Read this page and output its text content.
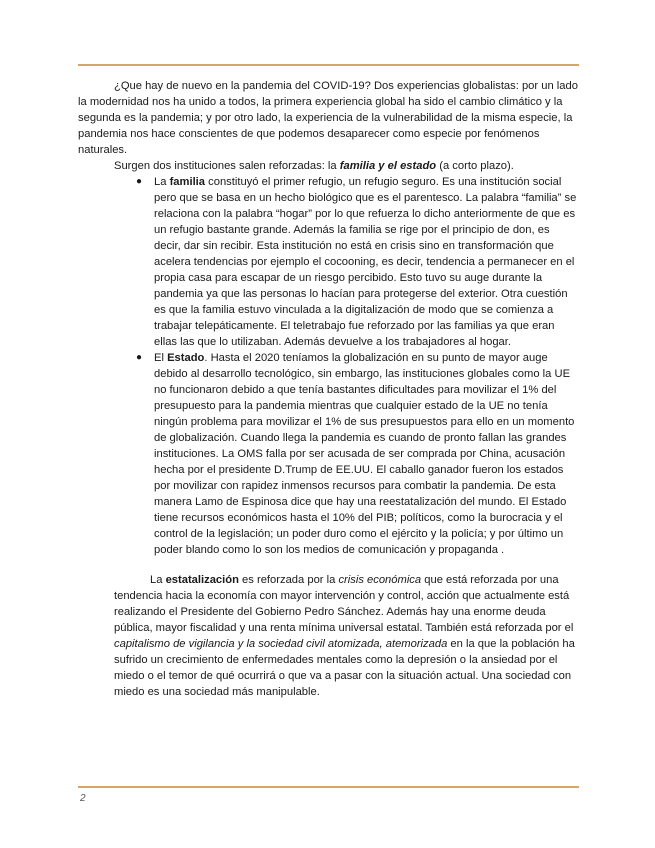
¿Que hay de nuevo en la pandemia del COVID-19? Dos experiencias globalistas: por un lado la modernidad nos ha unido a todos, la primera experiencia global ha sido el cambio climático y la segunda es la pandemia; y por otro lado, la experiencia de la vulnerabilidad de la misma especie, la pandemia nos hace conscientes de que podemos desaparecer como especie por fenómenos naturales.

Surgen dos instituciones salen reforzadas: la familia y el estado (a corto plazo).

● La familia constituyó el primer refugio, un refugio seguro. Es una institución social pero que se basa en un hecho biológico que es el parentesco. La palabra “familia” se relaciona con la palabra “hogar” por lo que refuerza lo dicho anteriormente de que es un refugio bastante grande. Además la familia se rige por el principio de don, es decir, dar sin recibir. Esta institución no está en crisis sino en transformación que acelera tendencias por ejemplo el cocooning, es decir, tendencia a permanecer en el propia casa para escapar de un riesgo percibido. Esto tuvo su auge durante la pandemia ya que las personas lo hacían para protegerse del exterior. Otra cuestión es que la familia estuvo vinculada a la digitalización de modo que se comienza a trabajar telepáticamente. El teletrabajo fue reforzado por las familias ya que eran ellas las que lo utilizaban. Además devuelve a los trabajadores al hogar.
● El Estado. Hasta el 2020 teníamos la globalización en su punto de mayor auge debido al desarrollo tecnológico, sin embargo, las instituciones globales como la UE no funcionaron debido a que tenía bastantes dificultades para movilizar el 1% del presupuesto para la pandemia mientras que cualquier estado de la UE no tenía ningún problema para movilizar el 1% de sus presupuestos para ello en un momento de globalización. Cuando llega la pandemia es cuando de pronto fallan las grandes instituciones. La OMS falla por ser acusada de ser comprada por China, acusación hecha por el presidente D.Trump de EE.UU. El caballo ganador fueron los estados por movilizar con rapidez inmensos recursos para combatir la pandemia. De esta manera Lamo de Espinosa dice que hay una reestatalización del mundo. El Estado tiene recursos económicos hasta el 10% del PIB; políticos, como la burocracia y el control de la legislación; un poder duro como el ejército y la policía; y por último un poder blando como lo son los medios de comunicación y propaganda .

La estatalización es reforzada por la crisis económica que está reforzada por una tendencia hacia la economía con mayor intervención y control, acción que actualmente está realizando el Presidente del Gobierno Pedro Sánchez. Además hay una enorme deuda pública, mayor fiscalidad y una renta mínima universal estatal. También está reforzada por el capitalismo de vigilancia y la sociedad civil atomizada, atemorizada en la que la población ha sufrido un crecimiento de enfermedades mentales como la depresión o la ansiedad por el miedo o el temor de qué ocurrirá o que va a pasar con la situación actual. Una sociedad con miedo es una sociedad más manipulable.

2
